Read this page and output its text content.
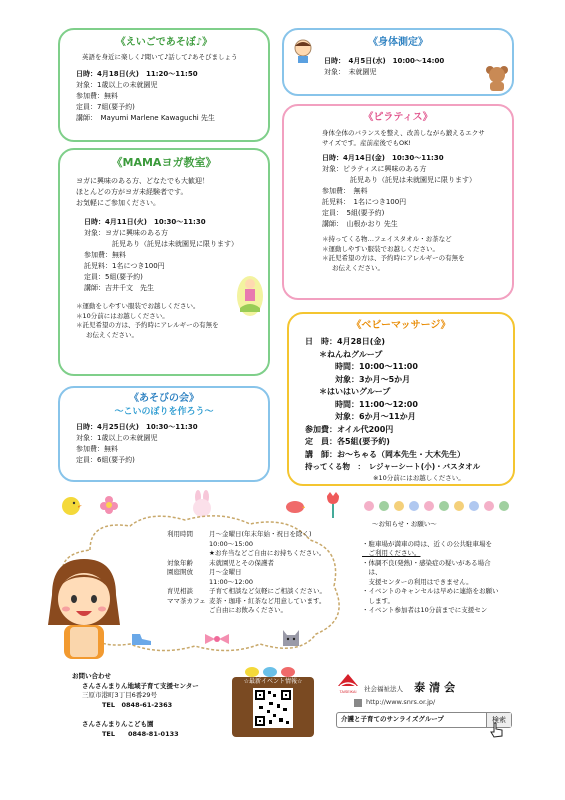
《えいごであそぼ♪》
英語を身近に楽しく♪聞いて♪話して♪あそびましょう
日時：4月18日(火)　11:20～11:50
対象：1歳以上の未就園児
参加費：無料
定員：7組(要予約)
講師：　Mayumi Marlene Kawaguchi 先生
《身体測定》
日時：　4月5日(水)　10:00～14:00
対象：　未就園児
《ピラティス》
身体全体のバランスを整え、改善しながら鍛えるエクサ
サイズです。産前産後でもOK!
日時：4月14日(金)　10:30～11:30
対象：ピラティスに興味のある方
託児あり（託児は未就園児に限ります）
参加費：　無料
託児料：　1名につき100円
定員：　5組(要予約)
講師：　山根かおり 先生
＊持ってくる物…フェイスタオル・お茶など
＊運動しやすい服装でお越しください。
＊託児希望の方は、予約時にアレルギーの有無を
お伝えください。
《MAMAヨガ教室》
ヨガに興味のある方、どなたでも大歓迎！
ほとんどの方がヨガ未経験者です。
お気軽にご参加ください。
日時：4月11日(火)　10:30～11:30
対象：ヨガに興味のある方
託児あり（託児は未就園児に限ります）
参加費：無料
託児料：1名につき100円
定員：5組(要予約)
講師：吉井千文　先生
＊運動をしやすい服装でお越しください。
＊10分前にはお越しください。
＊託児希望の方は、予約時にアレルギーの有無を
お伝えください。
《ベビーマッサージ》
日　時：4月28日(金)
＊ねんねグループ
時間：10:00～11:00
対象：3か月～5か月
＊はいはいグループ
時間：11:00～12:00
対象：6か月～11か月
参加費：オイル代200円
定　員：各5組(要予約)
講　師：お～ちゃる（岡本先生・大木先生）
持ってくる物　：　レジャーシート(小)・バスタオル
※10分前にはお越しください。
《あそびの会》
～こいのぼりを作ろう～
日時：4月25日(火)　10:30～11:30
対象：1歳以上の未就園児
参加費：無料
定員：6組(要予約)
利用時間	月～金曜日(年末年始・祝日を除く)
	10:00～15:00
	★お弁当などご自由にお持ちください。
対象年齢	未就園児とその保護者
園庭開放	月～金曜日
	11:00～12:00
育児相談	子育て相談など気軽にご相談ください。
ママ茶カフェ	麦茶・珈琲・紅茶など用意しています。
	ご自由にお飲みください。
～お知らせ・お願い～
・駐車場が満車の時は、近くの公共駐車場を
　ご利用ください。
・体調不良(発熱)・感染症の疑いがある場合
　は、
　支援センターの利用はできません。
・イベントのキャンセルは早めに連絡をお願い
　します。
・イベント参加者は10分前までに支援セン
お問い合わせ
さんさんまりん地域子育て支援センター
三原市港町3丁目6番29号
TEL　0848-61-2363
さんさんまりんこども園
TEL　　0848-81-0133
☆最新イベント情報☆
TAISEIKAI 社会福祉法人 泰清会
http://www.snrs.or.jp/
介護と子育てのサンライズグループ	検索
